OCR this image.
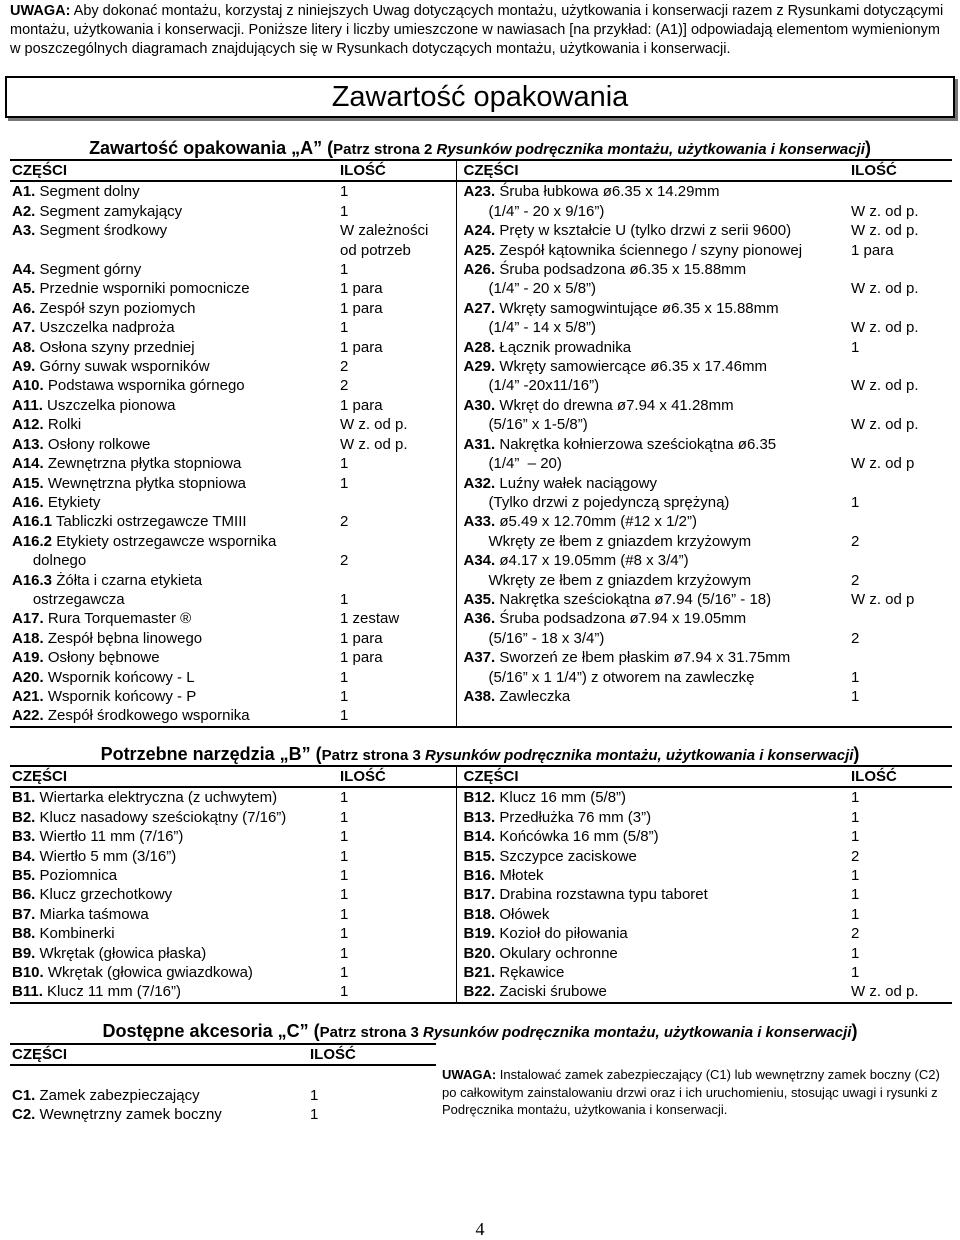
UWAGA: Aby dokonać montażu, korzystaj z niniejszych Uwag dotyczących montażu, użytkowania i konserwacji razem z Rysunkami dotyczącymi montażu, użytkowania i konserwacji. Poniższe litery i liczby umieszczone w nawiasach [na przykład: (A1)] odpowiadają elementom wymienionym w poszczególnych diagramach znajdujących się w Rysunkach dotyczących montażu, użytkowania i konserwacji.
Zawartość opakowania
Zawartość opakowania „A” (Patrz strona 2 Rysunków podręcznika montażu, użytkowania i konserwacji)
CZĘŚCI	ILOŚĆ	CZĘŚCI	ILOŚĆ
A1. Segment dolny	1	A23. Śruba łubkowa ø6.35 x 14.29mm	
A2. Segment zamykający	1	(1/4” - 20 x 9/16”)	W z. od p.
A3. Segment środkowy	W zależności	A24. Pręty w kształcie U (tylko drzwi z serii 9600)	W z. od p.
	od potrzeb	A25. Zespół kątownika ściennego / szyny pionowej	1 para
A4. Segment górny	1	A26. Śruba podsadzona ø6.35 x 15.88mm	
A5. Przednie wsporniki pomocnicze	1 para	(1/4” - 20 x 5/8”)	W z. od p.
A6. Zespół szyn poziomych	1 para	A27. Wkręty samogwintujące ø6.35 x 15.88mm	
A7. Uszczelka nadproża	1	(1/4” - 14 x 5/8”)	W z. od p.
A8. Osłona szyny przedniej	1 para	A28. Łącznik prowadnika	1
A9. Górny suwak wsporników	2	A29. Wkręty samowiercące ø6.35 x 17.46mm	
A10. Podstawa wspornika górnego	2	(1/4” -20x11/16”)	W z. od p.
A11. Uszczelka pionowa	1 para	A30. Wkręt do drewna ø7.94 x 41.28mm	
A12. Rolki	W z. od p.	(5/16” x 1-5/8”)	W z. od p.
A13. Osłony rolkowe	W z. od p.	A31. Nakrętka kołnierzowa sześciokątna ø6.35	
A14. Zewnętrzna płytka stopniowa	1	(1/4”  – 20)	W z. od p
A15. Wewnętrzna płytka stopniowa	1	A32. Luźny wałek naciągowy	
A16. Etykiety		(Tylko drzwi z pojedynczą sprężyną)	1
A16.1 Tabliczki ostrzegawcze TMIII	2	A33. ø5.49 x 12.70mm (#12 x 1/2”)	
A16.2 Etykiety ostrzegawcze wspornika		Wkręty ze łbem z gniazdem krzyżowym	2
dolnego	2	A34. ø4.17 x 19.05mm (#8 x 3/4”)	
A16.3 Żółta i czarna etykieta		Wkręty ze łbem z gniazdem krzyżowym	2
ostrzegawcza	1	A35. Nakrętka sześciokątna ø7.94 (5/16” - 18)	W z. od p
A17. Rura Torquemaster ®	1 zestaw	A36. Śruba podsadzona ø7.94 x 19.05mm	
A18. Zespół bębna linowego	1 para	(5/16” - 18 x 3/4”)	2
A19. Osłony bębnowe	1 para	A37. Sworzeń ze łbem płaskim ø7.94 x 31.75mm	
A20. Wspornik końcowy - L	1	(5/16” x 1 1/4”) z otworem na zawleczkę	1
A21. Wspornik końcowy - P	1	A38. Zawleczka	1
A22. Zespół środkowego wspornika	1		
Potrzebne narzędzia „B” (Patrz strona 3 Rysunków podręcznika montażu, użytkowania i konserwacji)
CZĘŚCI	ILOŚĆ	CZĘŚCI	ILOŚĆ
B1. Wiertarka elektryczna (z uchwytem)	1	B12. Klucz 16 mm (5/8”)	1
B2. Klucz nasadowy sześciokątny (7/16”)	1	B13. Przedłużka 76 mm (3”)	1
B3. Wiertło 11 mm (7/16”)	1	B14. Końcówka 16 mm (5/8”)	1
B4. Wiertło 5 mm (3/16”)	1	B15. Szczypce zaciskowe	2
B5. Poziomnica	1	B16. Młotek	1
B6. Klucz grzechotkowy	1	B17. Drabina rozstawna typu taboret	1
B7. Miarka taśmowa	1	B18. Ołówek	1
B8. Kombinerki	1	B19. Kozioł do piłowania	2
B9. Wkrętak (głowica płaska)	1	B20. Okulary ochronne	1
B10. Wkrętak (głowica gwiazdkowa)	1	B21. Rękawice	1
B11. Klucz 11 mm (7/16”)	1	B22. Zaciski śrubowe	W z. od p.
Dostępne akcesoria „C” (Patrz strona 3 Rysunków podręcznika montażu, użytkowania i konserwacji)
CZĘŚCI	ILOŚĆ

C1. Zamek zabezpieczający	1
C2. Wewnętrzny zamek boczny	1
UWAGA: Instalować zamek zabezpieczający (C1) lub wewnętrzny zamek boczny (C2) po całkowitym zainstalowaniu drzwi oraz i ich uruchomieniu, stosując uwagi i rysunki z Podręcznika montażu, użytkowania i konserwacji.
4
